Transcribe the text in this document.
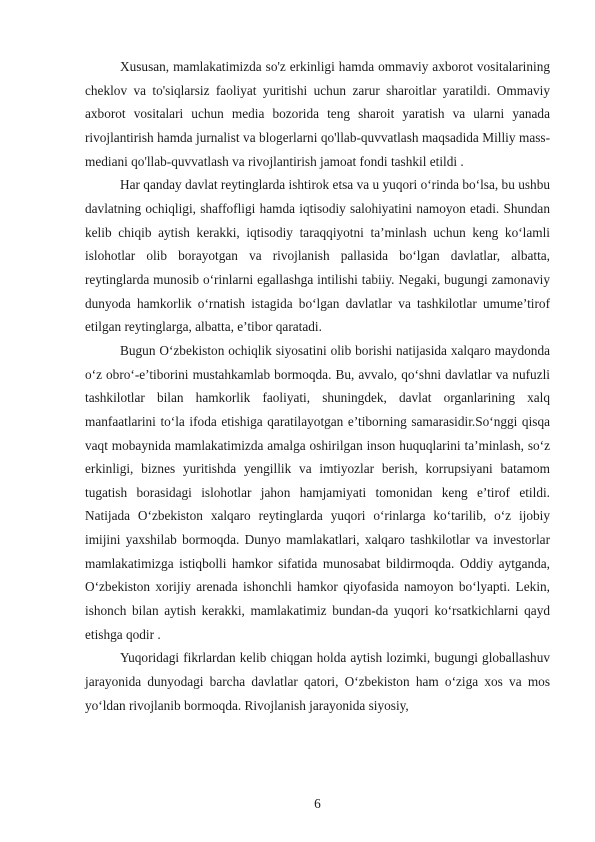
Xususan, mamlakatimizda so'z erkinligi hamda ommaviy axborot vositalarining cheklov va to'siqlarsiz faoliyat yuritishi uchun zarur sharoitlar yaratildi. Ommaviy axborot vositalari uchun media bozorida teng sharoit yaratish va ularni yanada rivojlantirish hamda jurnalist va blogerlarni qo'llab-quvvatlash maqsadida Milliy mass-mediani qo'llab-quvvatlash va rivojlantirish jamoat fondi tashkil etildi .

Har qanday davlat reytinglarda ishtirok etsa va u yuqori o‘rinda bo‘lsa, bu ushbu davlatning ochiqligi, shaffofligi hamda iqtisodiy salohiyatini namoyon etadi. Shundan kelib chiqib aytish kerakki, iqtisodiy taraqqiyotni ta’minlash uchun keng ko‘lamli islohotlar olib borayotgan va rivojlanish pallasida bo‘lgan davlatlar, albatta, reytinglarda munosib o‘rinlarni egallashga intilishi tabiiy. Negaki, bugungi zamonaviy dunyoda hamkorlik o‘rnatish istagida bo‘lgan davlatlar va tashkilotlar umume’tirof etilgan reytinglarga, albatta, e’tibor qaratadi.

Bugun O‘zbekiston ochiqlik siyosatini olib borishi natijasida xalqaro maydonda o‘z obro‘-e’tiborini mustahkamlab bormoqda. Bu, avvalo, qo‘shni davlatlar va nufuzli tashkilotlar bilan hamkorlik faoliyati, shuningdek, davlat organlarining xalq manfaatlarini to‘la ifoda etishiga qaratilayotgan e’tiborning samarasidir.So‘nggi qisqa vaqt mobaynida mamlakatimizda amalga oshirilgan inson huquqlarini ta’minlash, so‘z erkinligi, biznes yuritishda yengillik va imtiyozlar berish, korrupsiyani batamom tugatish borasidagi islohotlar jahon hamjamiyati tomonidan keng e’tirof etildi. Natijada O‘zbekiston xalqaro reytinglarda yuqori o‘rinlarga ko‘tarilib, o‘z ijobiy imijini yaxshilab bormoqda. Dunyo mamlakatlari, xalqaro tashkilotlar va investorlar mamlakatimizga istiqbolli hamkor sifatida munosabat bildirmoqda. Oddiy aytganda, O‘zbekiston xorijiy arenada ishonchli hamkor qiyofasida namoyon bo‘lyapti. Lekin, ishonch bilan aytish kerakki, mamlakatimiz bundan-da yuqori ko‘rsatkichlarni qayd etishga qodir .

Yuqoridagi fikrlardan kelib chiqgan holda aytish lozimki, bugungi globallashuv jarayonida dunyodagi barcha davlatlar qatori, O‘zbekiston ham o‘ziga xos va mos yo‘ldan rivojlanib bormoqda. Rivojlanish jarayonida siyosiy,

6
